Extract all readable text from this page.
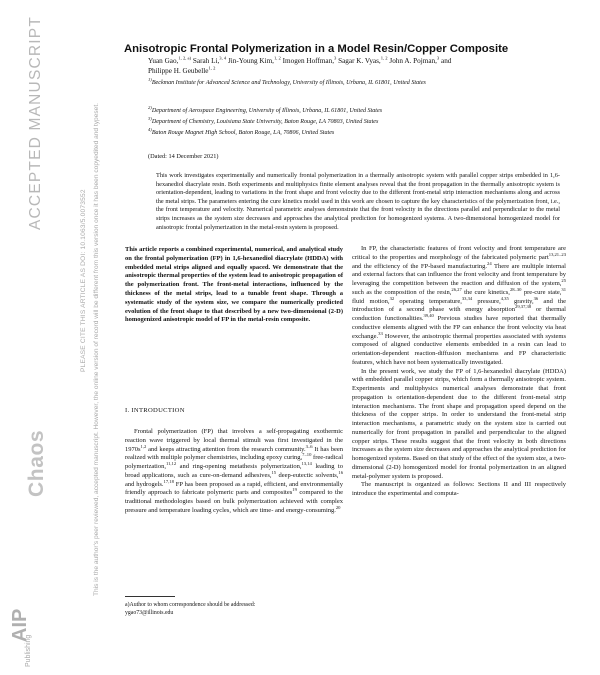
ACCEPTED MANUSCRIPT
PLEASE CITE THIS ARTICLE AS DOI: 10.1063/5.0073552 This is the author's peer reviewed, accepted manuscript. However, the online version of record will be different from this version once it has been copyedited and typeset.
Chaos
AIP
Publishing
Anisotropic Frontal Polymerization in a Model Resin/Copper Composite
Yuan Gao,$^{1, 2, a)}$ Sarah Li,$^{3, 4}$ Jin-Young Kim,$^{1, 2}$ Imogen Hoffman,$^3$ Sagar K. Vyas,$^{1, 2}$ John A. Pojman,$^3$ and
Philippe H. Geubelle$^{1, 2}$
$^{1)}$Beckman Institute for Advanced Science and Technology, University of Illinois, Urbana, IL 61801, United States
$^{2)}$Department of Aerospace Engineering, University of Illinois, Urbana, IL 61801, United States
$^{3)}$Department of Chemistry, Louisiana State University, Baton Rouge, LA 70803, United States
$^{4)}$Baton Rouge Magnet High School, Baton Rouge, LA, 70806, United States
(Dated: 14 December 2021)
This work investigates experimentally and numerically frontal polymerization in a thermally anisotropic system with parallel copper strips embedded in 1,6-hexanediol diacrylate resin. Both experiments and multiphysics finite element analyses reveal that the front propagation in the thermally anisotropic system is orientation-dependent, leading to variations in the front shape and front velocity due to the different front-metal strip interaction mechanisms along and across the metal strips. The parameters entering the cure kinetics model used in this work are chosen to capture the key characteristics of the polymerization front, i.e., the front temperature and velocity. Numerical parametric analyses demonstrate that the front velocity in the directions parallel and perpendicular to the metal strips increases as the system size decreases and approaches the analytical prediction for homogenized systems. A two-dimensional homogenized model for anisotropic frontal polymerization in the metal-resin system is proposed.
This article reports a combined experimental, numerical, and analytical study on the frontal polymerization (FP) in 1,6-hexanediol diacrylate (HDDA) with embedded metal strips aligned and equally spaced. We demonstrate that the anisotropic thermal properties of the system lead to anisotropic propagation of the polymerization front. The front-metal interactions, influenced by the thickness of the metal strips, lead to a tunable front shape. Through a systematic study of the system size, we compare the numerically predicted evolution of the front shape to that described by a new two-dimensional (2-D) homogenized anisotropic model of FP in the metal-resin composite.
I. INTRODUCTION

Frontal polymerization (FP) that involves a self-propagating exothermic reaction wave triggered by local thermal stimuli was first investigated in the $1970s^{1,2}$ and keeps attracting attention from the research community.$^{3-6}$ It has been realized with multiple polymer chemistries, including epoxy curing,$^{7-10}$ free-radical polymerization,$^{11,12}$ and ring-opening metathesis polymerization,$^{13,14}$ leading to broad applications, such as cure-on-demand adhesives,$^{15}$ deep-eutectic solvents,$^{16}$ and hydrogels.$^{17,18}$ FP has been proposed as a rapid, efficient, and environmentally friendly approach to fabricate polymeric parts and composites$^{19}$ compared to the traditional methodologies based on bulk polymerization achieved with complex pressure and temperature loading cycles, which are time- and energy-consuming.$^{20}$

a)Author to whom correspondence should be addressed:
ygao73@illinois.edu

In FP, the characteristic features of front velocity and front temperature are critical to the properties and morphology of the fabricated polymeric part$^{13,21-23}$ and the efficiency of the FP-based manufacturing.$^{24}$ There are multiple internal and external factors that can influence the front velocity and front temperature by leveraging the competition between the reaction and diffusion of the system,$^{25}$ such as the composition of the resin,$^{26,27}$ the cure kinetics,$^{28-30}$ pre-cure state,$^{31}$ fluid motion,$^{32}$ operating temperature,$^{33,34}$ pressure,$^{4,35}$ gravity,$^{36}$ and the introduction of a second phase with energy absorption$^{29,37,38}$ or thermal conduction functionalities.$^{39,40}$ Previous studies have reported that thermally conductive elements aligned with the FP can enhance the front velocity via heat exchange.$^{33}$ However, the anisotropic thermal properties associated with systems composed of aligned conductive elements embedded in a resin can lead to orientation-dependent reaction-diffusion mechanisms and FP characteristic features, which have not been systematically investigated.

In the present work, we study the FP of 1,6-hexanediol diacrylate (HDDA) with embedded parallel copper strips, which form a thermally anisotropic system. Experiments and multiphysics numerical analyses demonstrate that front propagation is orientation-dependent due to the different front-metal strip interaction mechanisms. The front shape and propagation speed depend on the thickness of the copper strips. In order to understand the front-metal strip interaction mechanisms, a parametric study on the system size is carried out numerically for front propagation in parallel and perpendicular to the aligned copper strips. These results suggest that the front velocity in both directions increases as the system size decreases and approaches the analytical prediction for homogenized systems. Based on that study of the effect of the system size, a two-dimensional (2-D) homogenized model for frontal polymerization in an aligned metal-polymer system is proposed.

The manuscript is organized as follows: Sections II and III respectively introduce the experimental and computa-
